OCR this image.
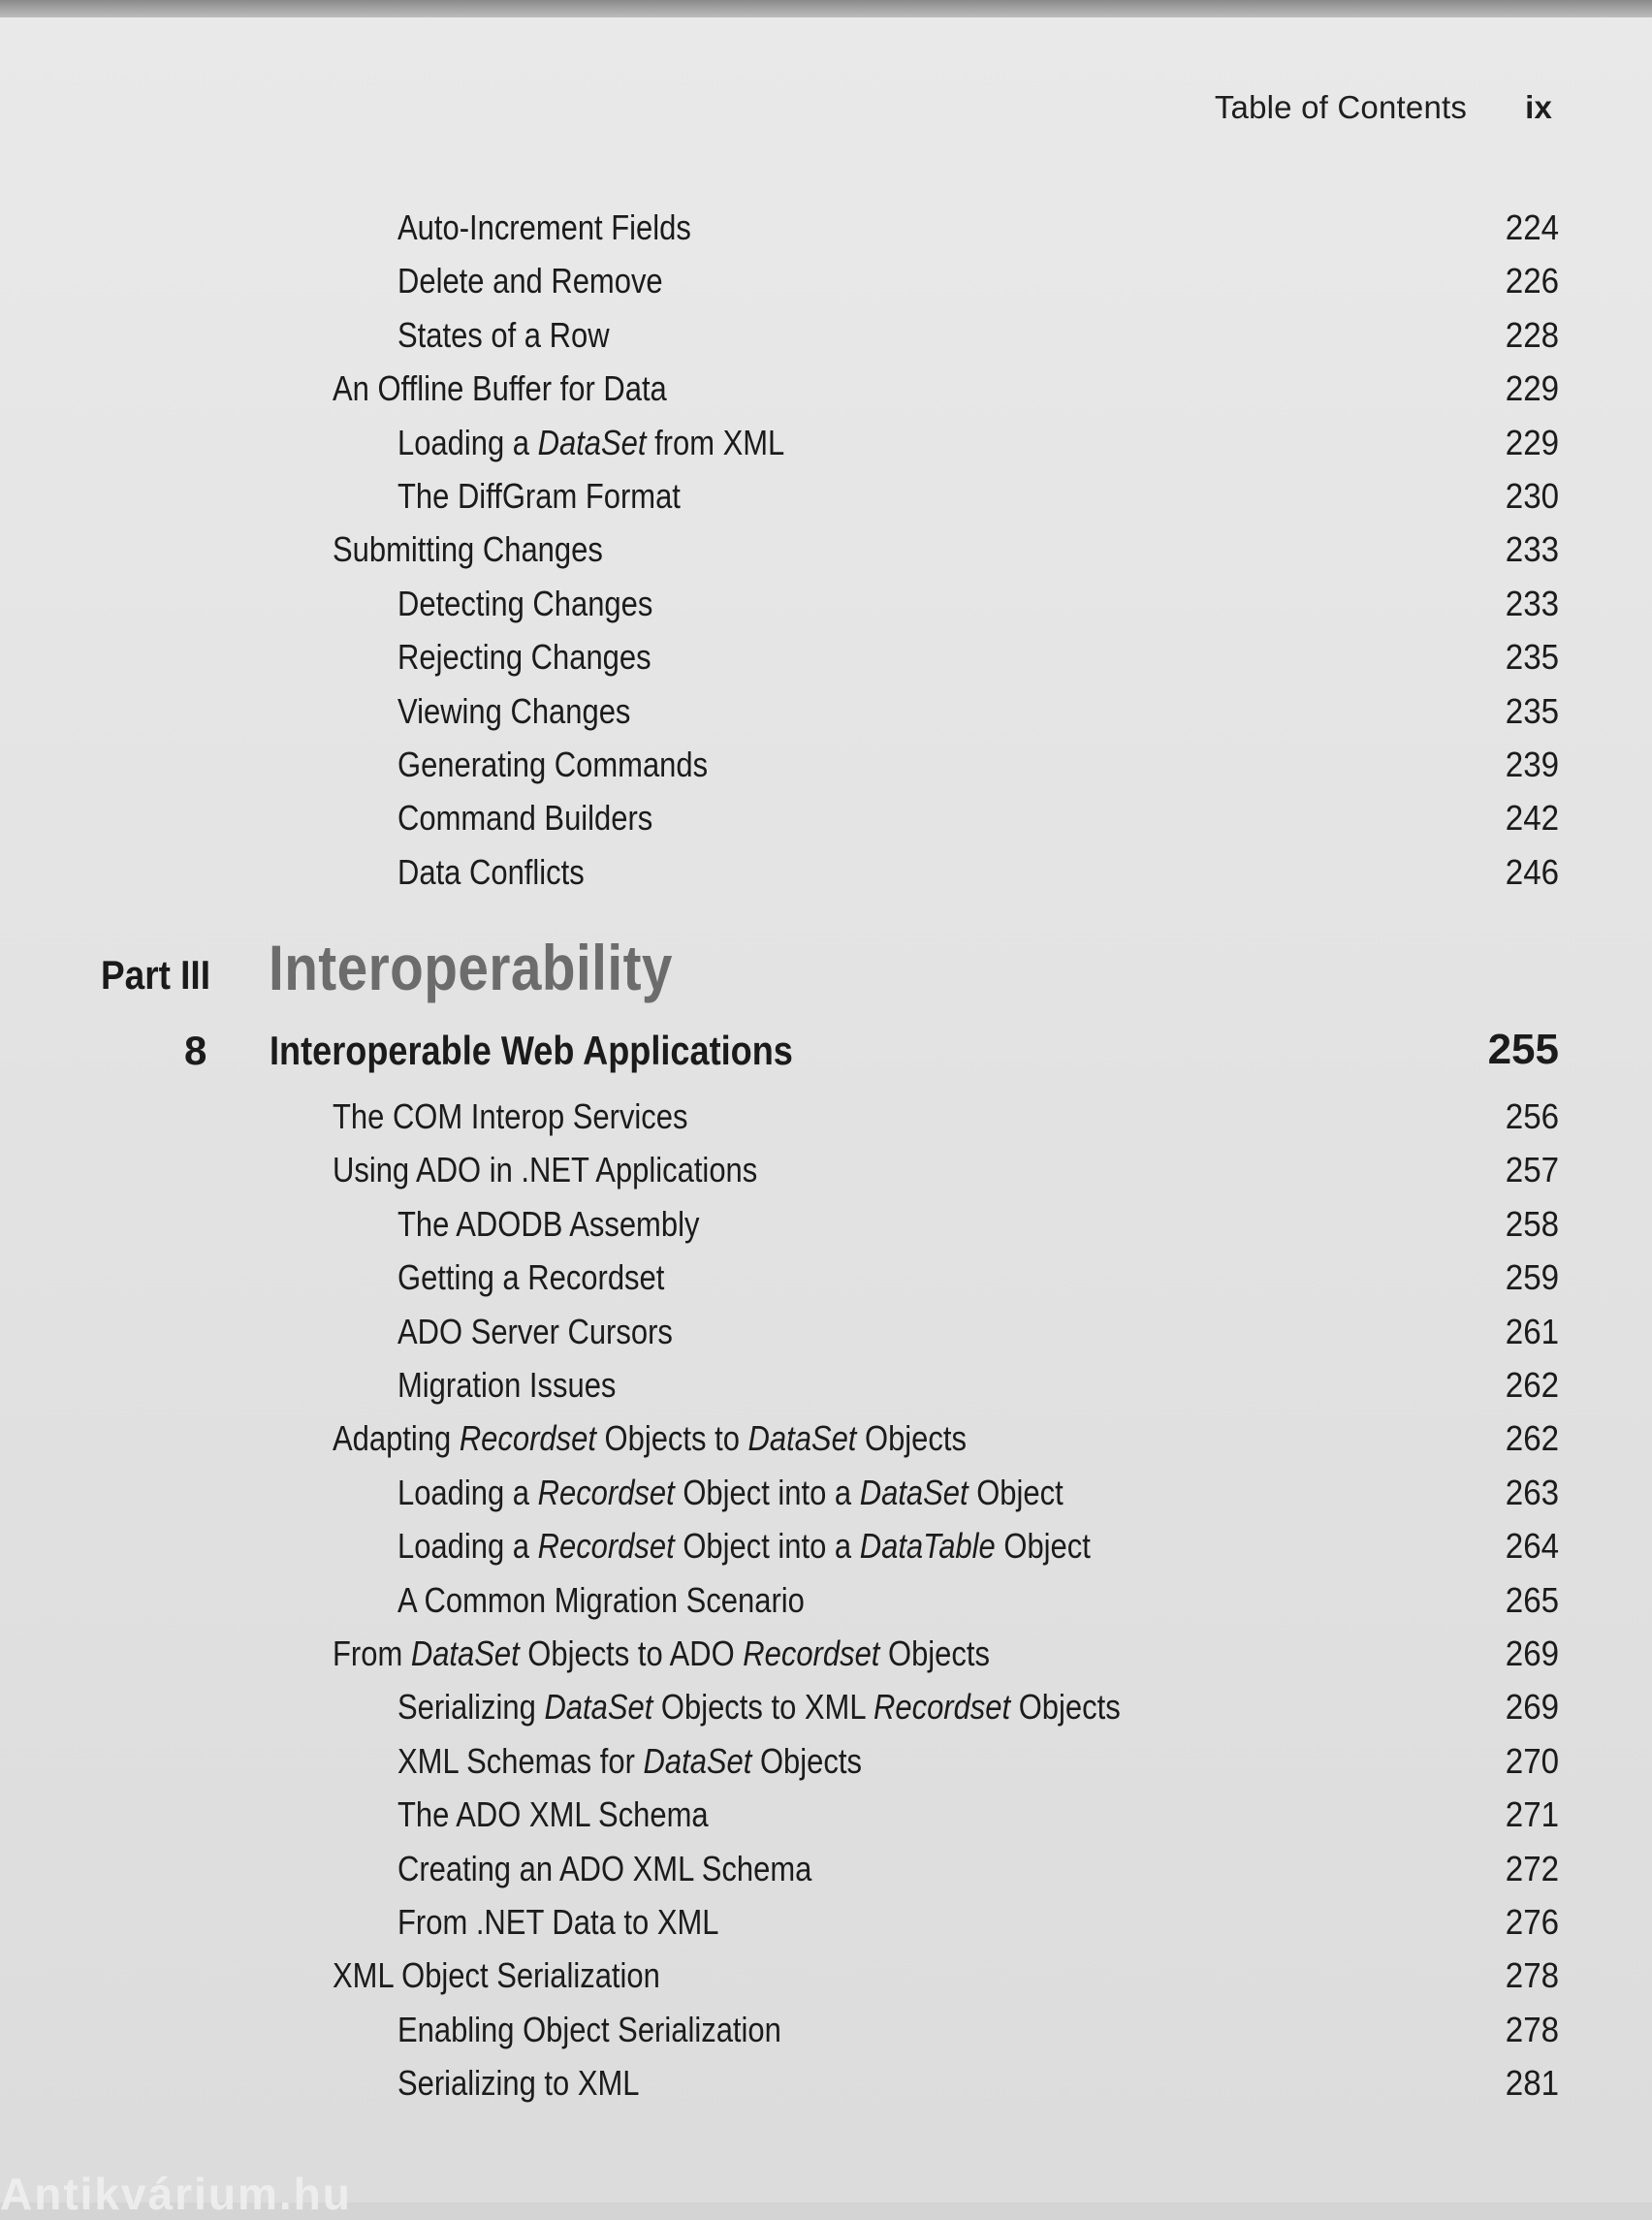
Table of Contents ix
Auto-Increment Fields	224
Delete and Remove	226
States of a Row	228
An Offline Buffer for Data	229
Loading a DataSet from XML	229
The DiffGram Format	230
Submitting Changes	233
Detecting Changes	233
Rejecting Changes	235
Viewing Changes	235
Generating Commands	239
Command Builders	242
Data Conflicts	246
Part III Interoperability
8 Interoperable Web Applications	255
The COM Interop Services	256
Using ADO in .NET Applications	257
The ADODB Assembly	258
Getting a Recordset	259
ADO Server Cursors	261
Migration Issues	262
Adapting Recordset Objects to DataSet Objects	262
Loading a Recordset Object into a DataSet Object	263
Loading a Recordset Object into a DataTable Object	264
A Common Migration Scenario	265
From DataSet Objects to ADO Recordset Objects	269
Serializing DataSet Objects to XML Recordset Objects	269
XML Schemas for DataSet Objects	270
The ADO XML Schema	271
Creating an ADO XML Schema	272
From .NET Data to XML	276
XML Object Serialization	278
Enabling Object Serialization	278
Serializing to XML	281
Antikvárium.hu
